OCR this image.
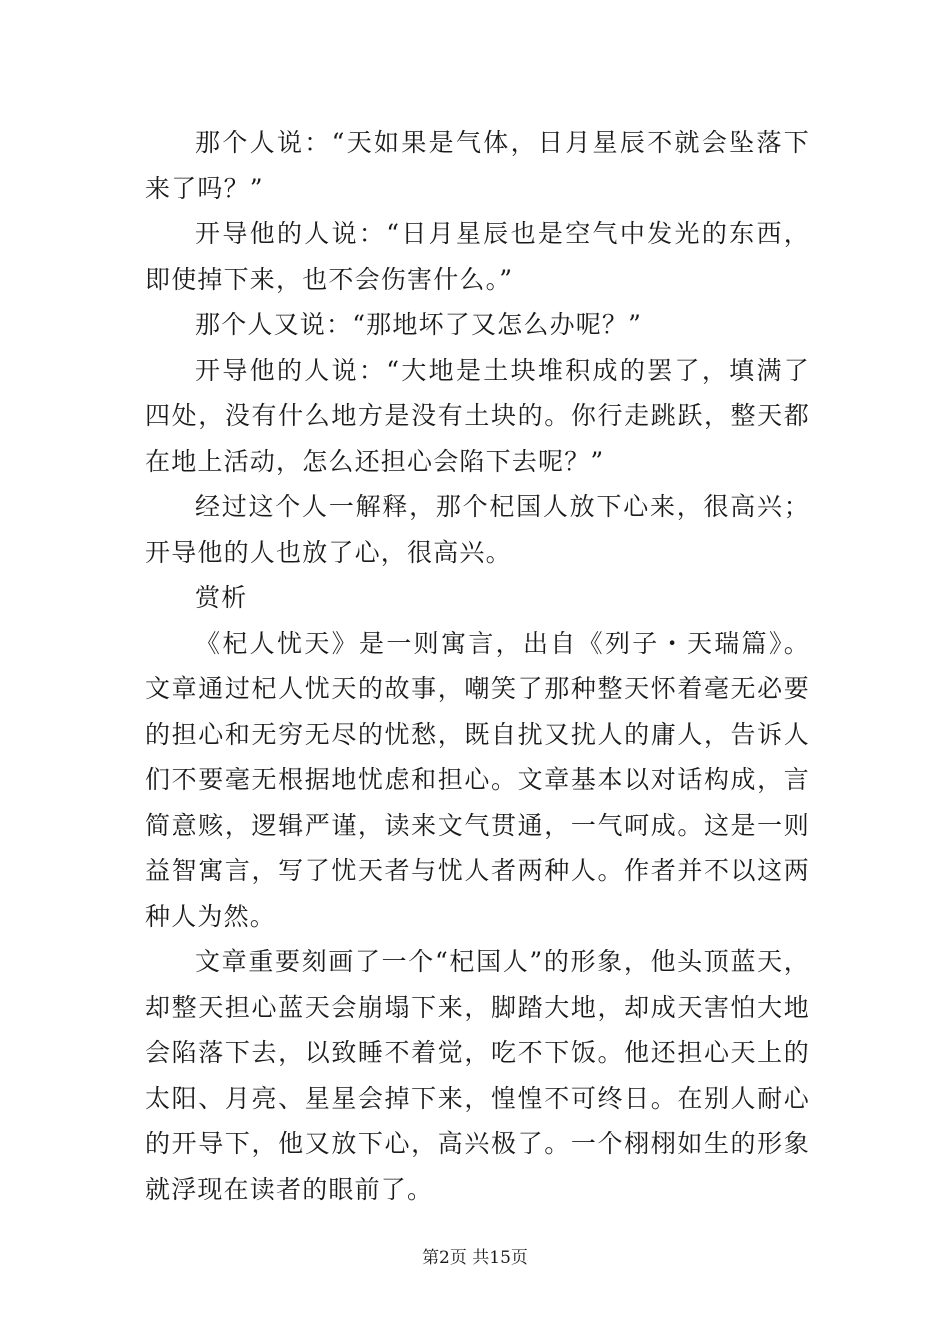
那个人说：“天如果是气体，日月星辰不就会坠落下来了吗？”

开导他的人说：“日月星辰也是空气中发光的东西，即使掉下来，也不会伤害什么。”

那个人又说：“那地坏了又怎么办呢？”

开导他的人说：“大地是土块堆积成的罢了，填满了四处，没有什么地方是没有土块的。你行走跳跃，整天都在地上活动，怎么还担心会陷下去呢？”

经过这个人一解释，那个杞国人放下心来，很高兴；开导他的人也放了心，很高兴。

赏析

《杞人忧天》是一则寓言，出自《列子・天瑞篇》。文章通过杞人忧天的故事，嘲笑了那种整天怀着毫无必要的担心和无穷无尽的忧愁，既自扰又扰人的庸人，告诉人们不要毫无根据地忧虑和担心。文章基本以对话构成，言简意赅，逻辑严谨，读来文气贯通，一气呵成。这是一则益智寓言，写了忧天者与忧人者两种人。作者并不以这两种人为然。

文章重要刻画了一个“杞国人”的形象，他头顶蓝天，却整天担心蓝天会崩塌下来，脚踏大地，却成天害怕大地会陷落下去，以致睡不着觉，吃不下饭。他还担心天上的太阳、月亮、星星会掉下来，惶惶不可终日。在别人耐心的开导下，他又放下心，高兴极了。一个栩栩如生的形象就浮现在读者的眼前了。

第2页 共15页
